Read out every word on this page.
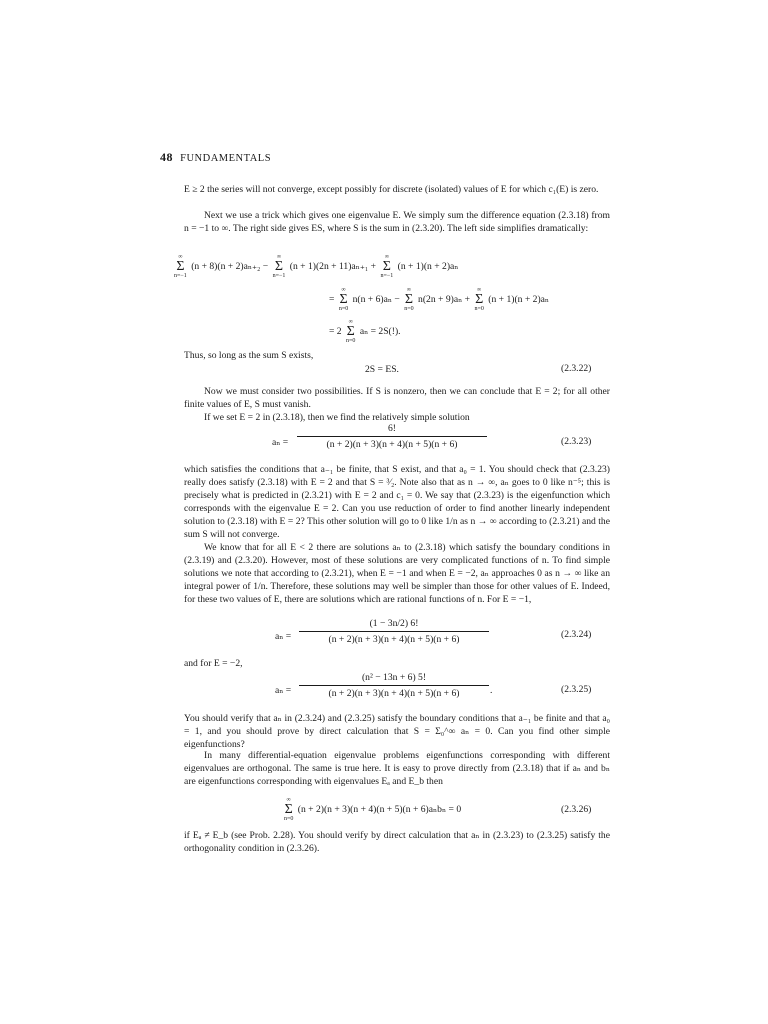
48 FUNDAMENTALS

E ≥ 2 the series will not converge, except possibly for discrete (isolated) values of E for which c₁(E) is zero.

Next we use a trick which gives one eigenvalue E. We simply sum the difference equation (2.3.18) from n = −1 to ∞. The right side gives ES, where S is the sum in (2.3.20). The left side simplifies dramatically:

∞
Σ
n=−1
(n + 8)(n + 2)aₙ₊₂ −
∞
Σ
n=−1
(n + 1)(2n + 11)aₙ₊₁ +
∞
Σ
n=−1
(n + 1)(n + 2)aₙ
=
∞
Σ
n=0
n(n + 6)aₙ −
∞
Σ
n=0
n(2n + 9)aₙ +
∞
Σ
n=0
(n + 1)(n + 2)aₙ
= 2
∞
Σ
n=0
aₙ = 2S(!).

Thus, so long as the sum S exists,

2S = ES.	(2.3.22)

Now we must consider two possibilities. If S is nonzero, then we can conclude that E = 2; for all other finite values of E, S must vanish.

If we set E = 2 in (2.3.18), then we find the relatively simple solution

aₙ =
6!
(n + 2)(n + 3)(n + 4)(n + 5)(n + 6)	(2.3.23)

which satisfies the conditions that a₋₁ be finite, that S exist, and that a₀ = 1. You should check that (2.3.23) really does satisfy (2.3.18) with E = 2 and that S = ³⁄₂. Note also that as n → ∞, aₙ goes to 0 like n⁻⁵; this is precisely what is predicted in (2.3.21) with E = 2 and c₁ = 0. We say that (2.3.23) is the eigenfunction which corresponds with the eigenvalue E = 2. Can you use reduction of order to find another linearly independent solution to (2.3.18) with E = 2? This other solution will go to 0 like 1/n as n → ∞ according to (2.3.21) and the sum S will not converge.

We know that for all E < 2 there are solutions aₙ to (2.3.18) which satisfy the boundary conditions in (2.3.19) and (2.3.20). However, most of these solutions are very complicated functions of n. To find simple solutions we note that according to (2.3.21), when E = −1 and when E = −2, aₙ approaches 0 as n → ∞ like an integral power of 1/n. Therefore, these solutions may well be simpler than those for other values of E. Indeed, for these two values of E, there are solutions which are rational functions of n. For E = −1,

aₙ =
(1 − 3n/2) 6!
(n + 2)(n + 3)(n + 4)(n + 5)(n + 6)	(2.3.24)

and for E = −2,

aₙ =
(n² − 13n + 6) 5!
(n + 2)(n + 3)(n + 4)(n + 5)(n + 6)	.	(2.3.25)

You should verify that aₙ in (2.3.24) and (2.3.25) satisfy the boundary conditions that a₋₁ be finite and that a₀ = 1, and you should prove by direct calculation that S = Σ₀^∞ aₙ = 0. Can you find other simple eigenfunctions?

In many differential-equation eigenvalue problems eigenfunctions corresponding with different eigenvalues are orthogonal. The same is true here. It is easy to prove directly from (2.3.18) that if aₙ and bₙ are eigenfunctions corresponding with eigenvalues Eₐ and E_b then

∞
Σ
n=0
(n + 2)(n + 3)(n + 4)(n + 5)(n + 6)aₙbₙ = 0	(2.3.26)

if Eₐ ≠ E_b (see Prob. 2.28). You should verify by direct calculation that aₙ in (2.3.23) to (2.3.25) satisfy the orthogonality condition in (2.3.26).
